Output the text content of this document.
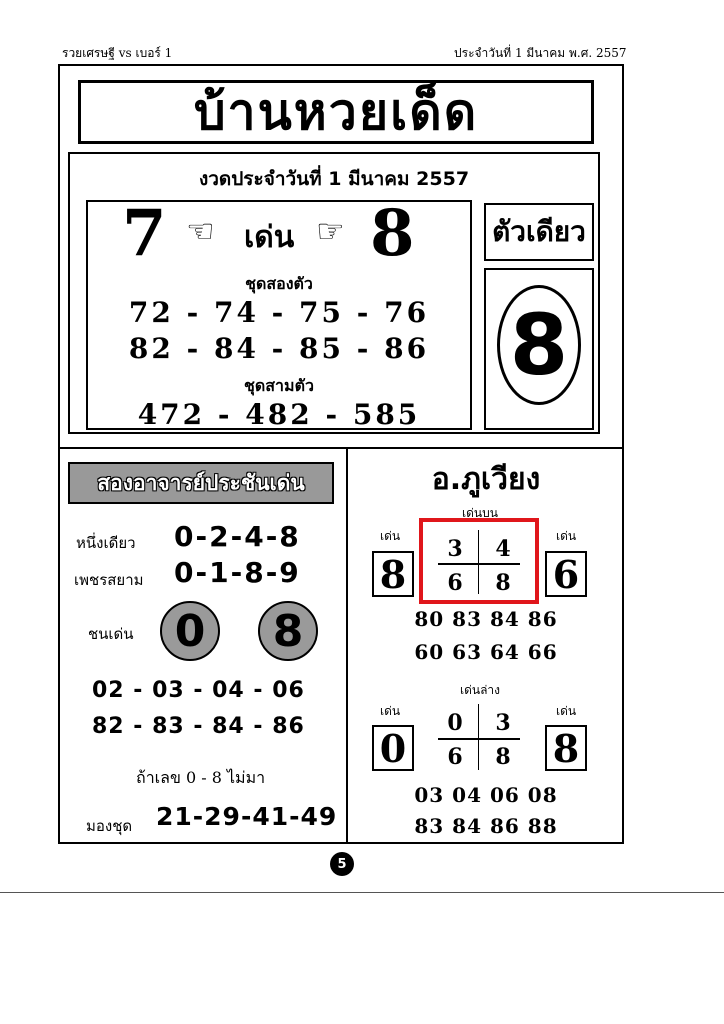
รวยเศรษฐี vs เบอร์ 1	ประจำวันที่ 1 มีนาคม พ.ศ. 2557
บ้านหวยเด็ด
งวดประจำวันที่ 1 มีนาคม 2557
7 ☜ เด่น ☞ 8
ชุดสองตัว
72 - 74 - 75 - 76
82 - 84 - 85 - 86
ชุดสามตัว
472 - 482 - 585
ตัวเดียว
8
สองอาจารย์ประชันเด่น
หนึ่งเดียว 0-2-4-8
เพชรสยาม 0-1-8-9
ชนเด่น 0	8
02 - 03 - 04 - 06
82 - 83 - 84 - 86
ถ้าเลข 0 - 8 ไม่มา
มองชุด 21-29-41-49
อ.ภูเวียง
เด่นบน
เด่น	เด่น
8	6
3	4
6	8
80 83 84 86
60 63 64 66
เด่นล่าง
เด่น	เด่น
0	8
0	3
6	8
03 04 06 08
83 84 86 88
5
